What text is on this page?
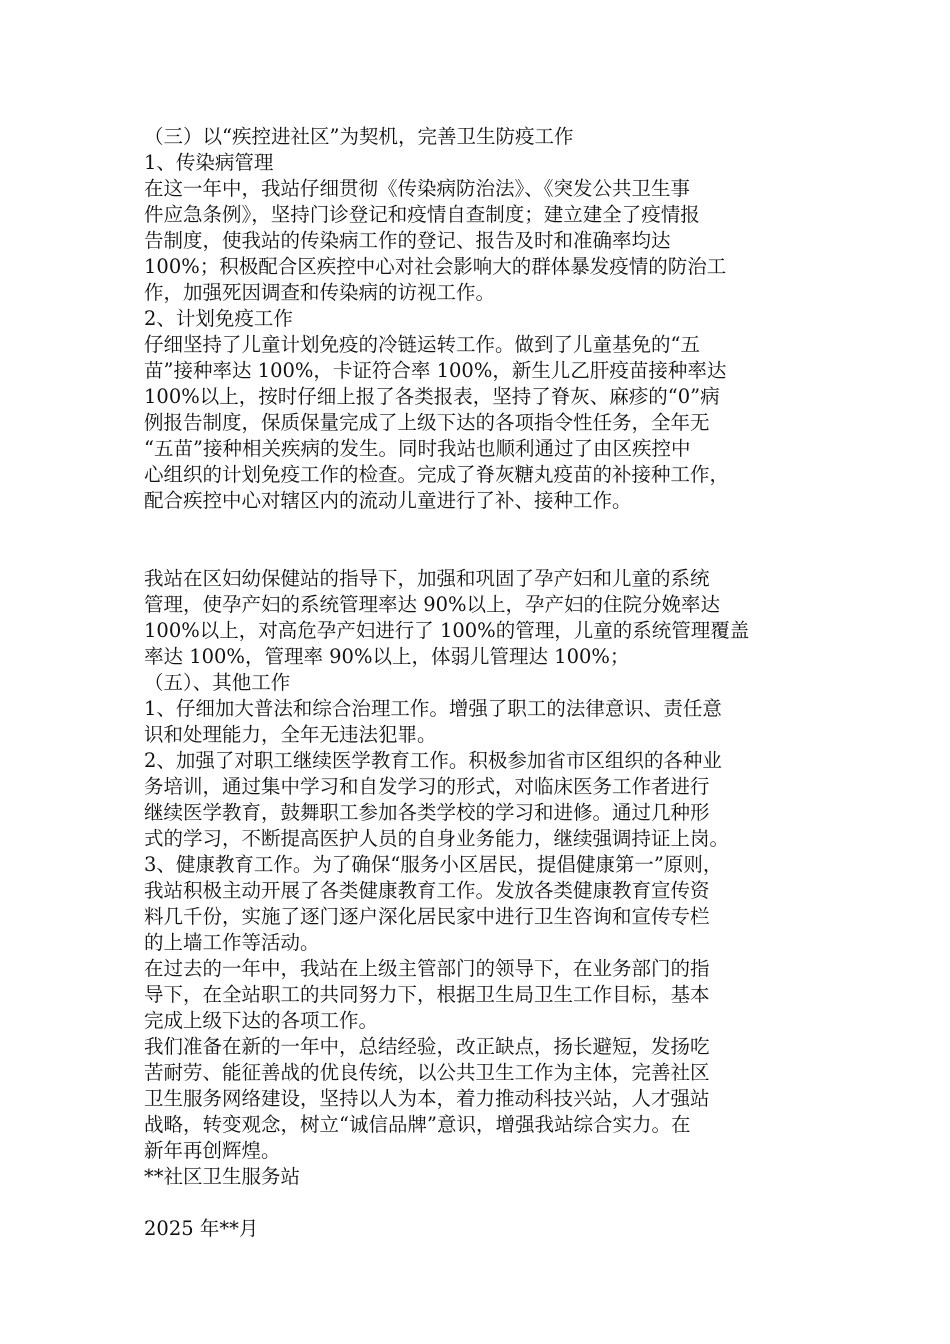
（三）以“疾控进社区”为契机，完善卫生防疫工作
1、传染病管理
在这一年中，我站仔细贯彻《传染病防治法》、《突发公共卫生事
件应急条例》，坚持门诊登记和疫情自查制度；建立建全了疫情报
告制度，使我站的传染病工作的登记、报告及时和准确率均达
100%；积极配合区疾控中心对社会影响大的群体暴发疫情的防治工
作，加强死因调查和传染病的访视工作。
2、计划免疫工作
仔细坚持了儿童计划免疫的冷链运转工作。做到了儿童基免的“五
苗”接种率达 100%，卡证符合率 100%，新生儿乙肝疫苗接种率达
100%以上，按时仔细上报了各类报表，坚持了脊灰、麻疹的“0”病
例报告制度，保质保量完成了上级下达的各项指令性任务，全年无
“五苗”接种相关疾病的发生。同时我站也顺利通过了由区疾控中
心组织的计划免疫工作的检查。完成了脊灰糖丸疫苗的补接种工作，
配合疾控中心对辖区内的流动儿童进行了补、接种工作。
我站在区妇幼保健站的指导下，加强和巩固了孕产妇和儿童的系统
管理，使孕产妇的系统管理率达 90%以上，孕产妇的住院分娩率达
100%以上，对高危孕产妇进行了 100%的管理，儿童的系统管理覆盖
率达 100%，管理率 90%以上，体弱儿管理达 100%；
（五）、其他工作
1、仔细加大普法和综合治理工作。增强了职工的法律意识、责任意
识和处理能力，全年无违法犯罪。
2、加强了对职工继续医学教育工作。积极参加省市区组织的各种业
务培训，通过集中学习和自发学习的形式，对临床医务工作者进行
继续医学教育，鼓舞职工参加各类学校的学习和进修。通过几种形
式的学习，不断提高医护人员的自身业务能力，继续强调持证上岗。
3、健康教育工作。为了确保“服务小区居民，提倡健康第一”原则，
我站积极主动开展了各类健康教育工作。发放各类健康教育宣传资
料几千份，实施了逐门逐户深化居民家中进行卫生咨询和宣传专栏
的上墙工作等活动。
在过去的一年中，我站在上级主管部门的领导下，在业务部门的指
导下，在全站职工的共同努力下，根据卫生局卫生工作目标，基本
完成上级下达的各项工作。
我们准备在新的一年中，总结经验，改正缺点，扬长避短，发扬吃
苦耐劳、能征善战的优良传统，以公共卫生工作为主体，完善社区
卫生服务网络建设，坚持以人为本，着力推动科技兴站，人才强站
战略，转变观念，树立“诚信品牌”意识，增强我站综合实力。在
新年再创辉煌。
**社区卫生服务站
2025 年**月
